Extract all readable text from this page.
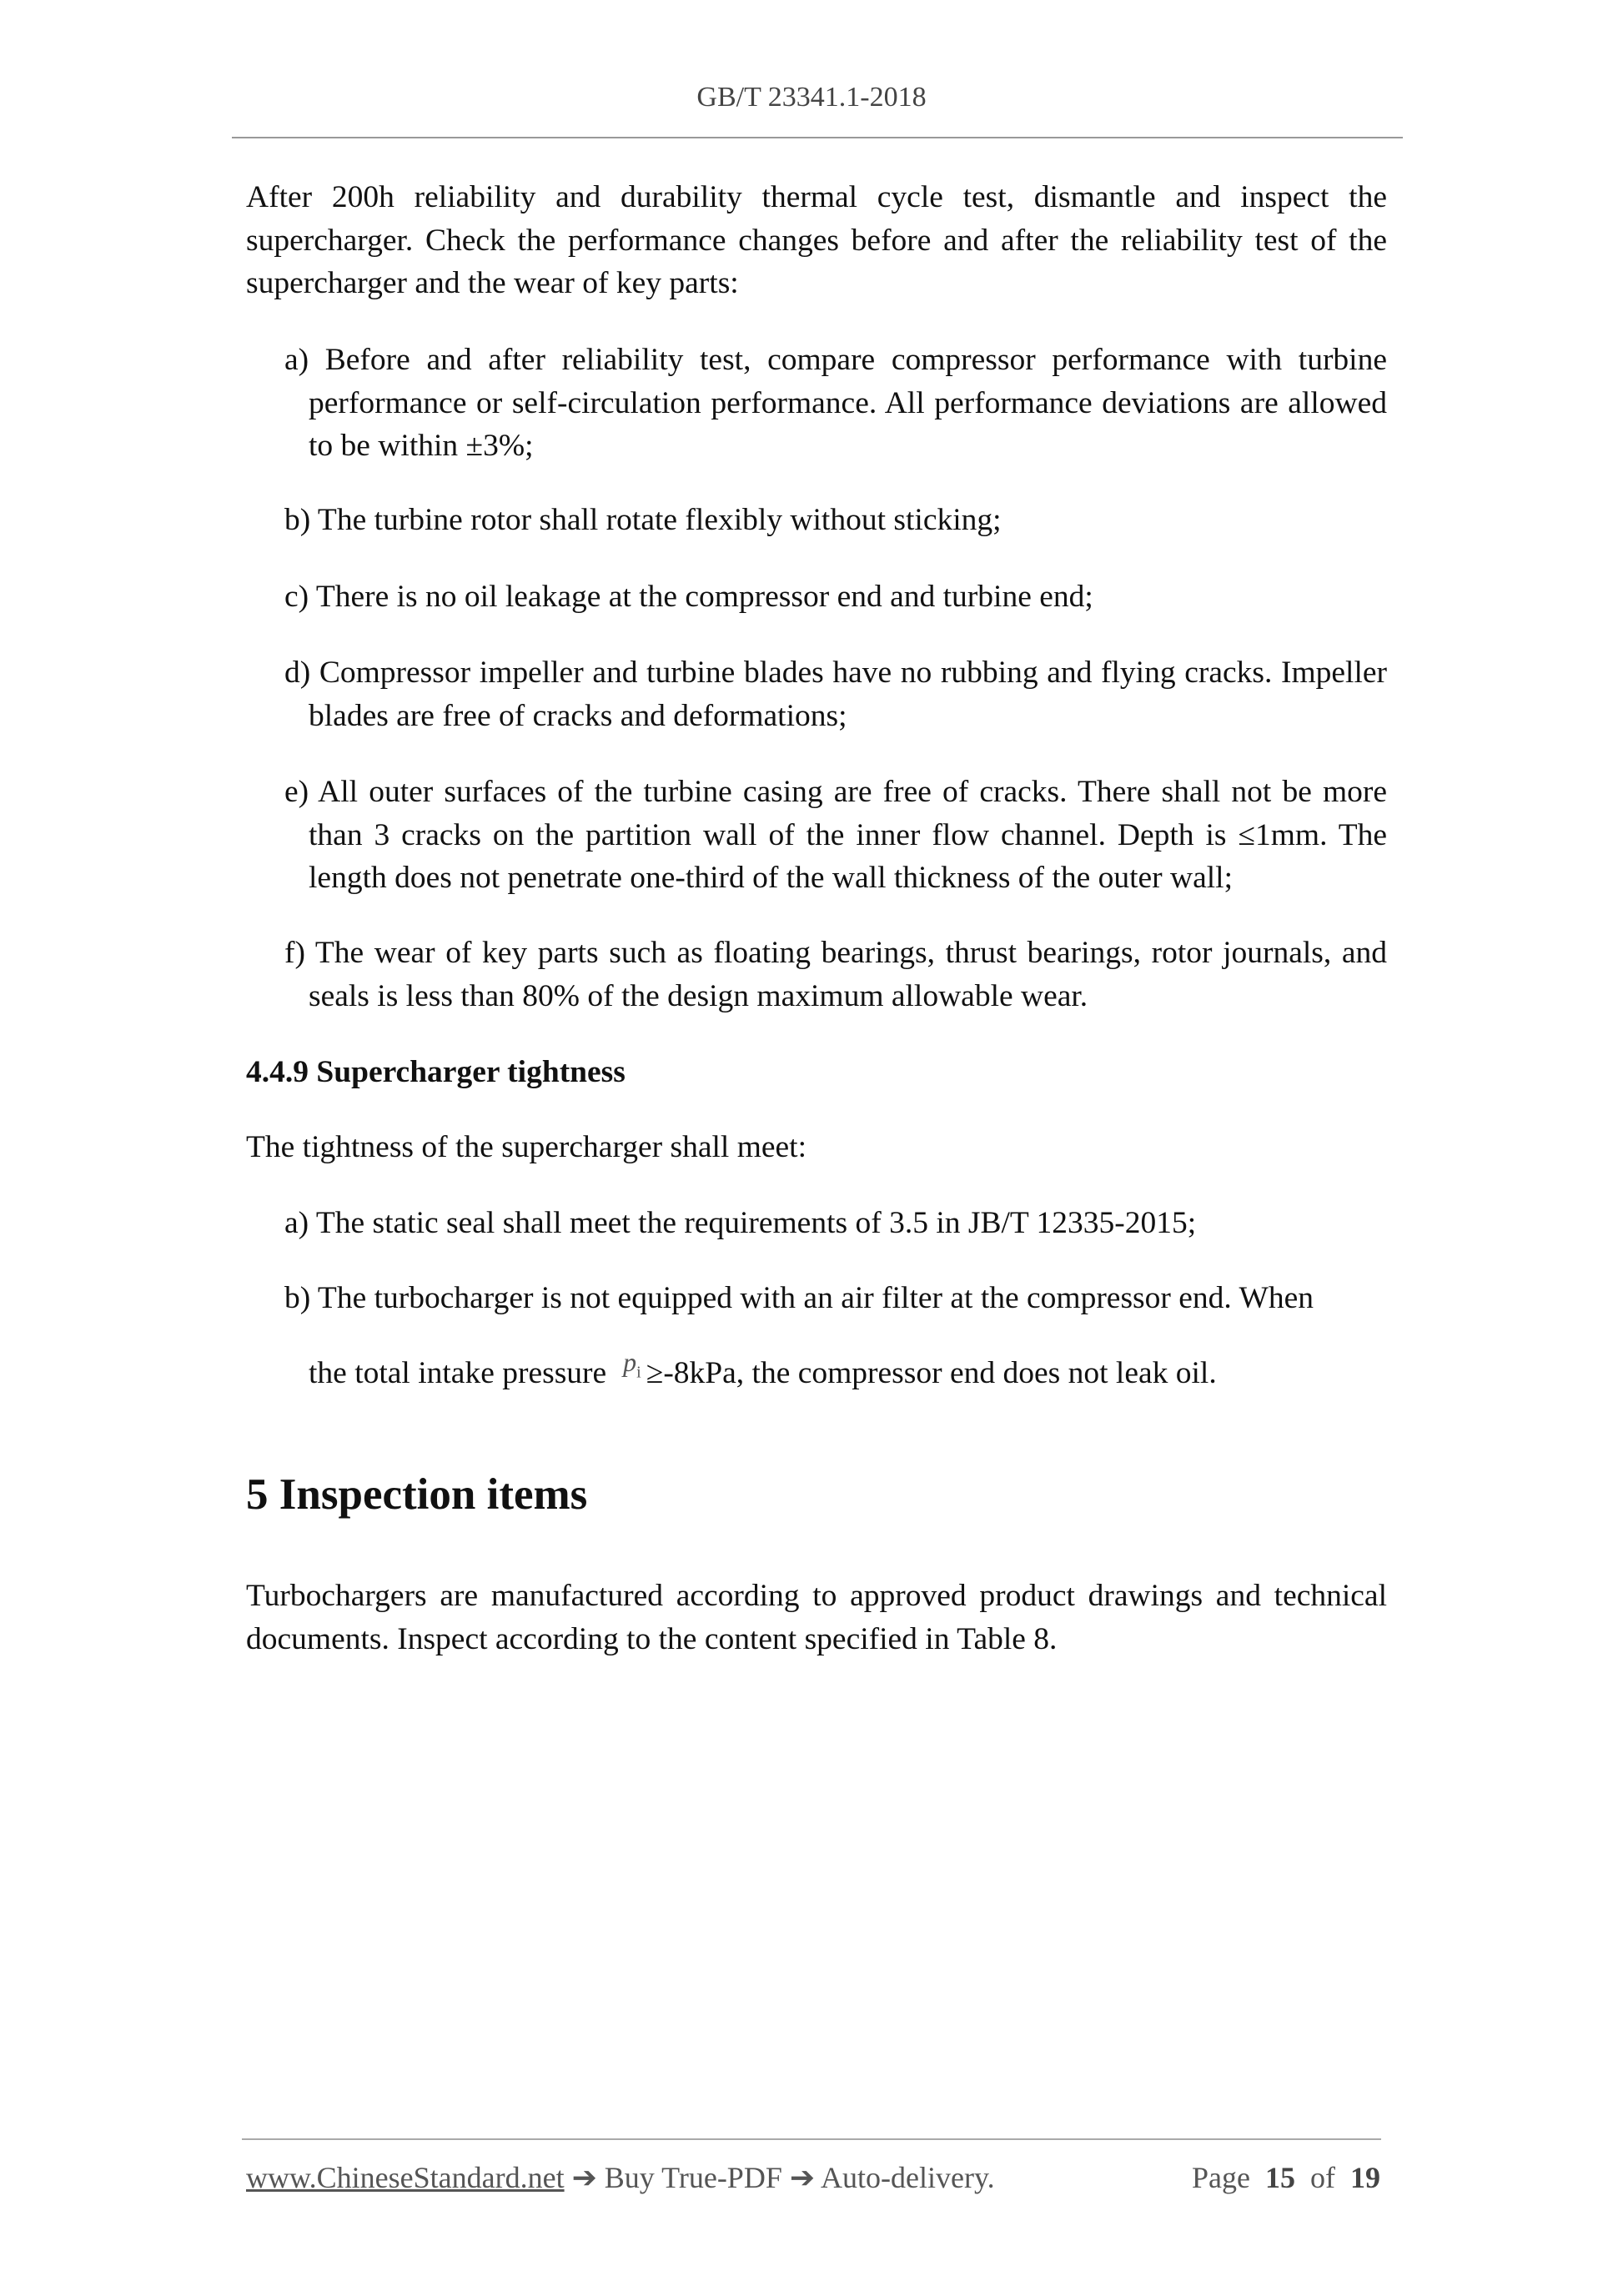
GB/T 23341.1-2018
After 200h reliability and durability thermal cycle test, dismantle and inspect the supercharger. Check the performance changes before and after the reliability test of the supercharger and the wear of key parts:
a) Before and after reliability test, compare compressor performance with turbine performance or self-circulation performance. All performance deviations are allowed to be within ±3%;
b) The turbine rotor shall rotate flexibly without sticking;
c) There is no oil leakage at the compressor end and turbine end;
d) Compressor impeller and turbine blades have no rubbing and flying cracks. Impeller blades are free of cracks and deformations;
e) All outer surfaces of the turbine casing are free of cracks. There shall not be more than 3 cracks on the partition wall of the inner flow channel. Depth is ≤1mm. The length does not penetrate one-third of the wall thickness of the outer wall;
f) The wear of key parts such as floating bearings, thrust bearings, rotor journals, and seals is less than 80% of the design maximum allowable wear.
4.4.9 Supercharger tightness
The tightness of the supercharger shall meet:
a) The static seal shall meet the requirements of 3.5 in JB/T 12335-2015;
b) The turbocharger is not equipped with an air filter at the compressor end. When
the total intake pressure $p_i \ge-8kPa$, the compressor end does not leak oil.
5 Inspection items
Turbochargers are manufactured according to approved product drawings and technical documents. Inspect according to the content specified in Table 8.
www.ChineseStandard.net ➔ Buy True-PDF ➔ Auto-delivery.	Page 15 of 19
